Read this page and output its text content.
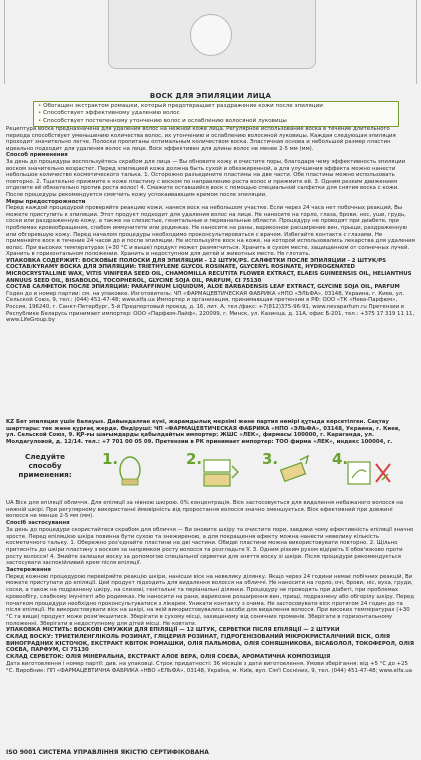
ВОСК ДЛЯ ЭПИЛЯЦИИ ЛИЦА
• Обогащен экстрактом ромашки, который предотвращает раздражение кожи после эпиляции
• Способствует эффективному удалению волос
• Способствует постепенному утончению волос и ослаблению волосяной луковицы

Рецептура воска предназначена для удаления волос на нежной коже лица. Регулярное использование воска в течение длительного периода способствует уменьшению количества волос, их утончению и ослаблению волосяной луковицы. Каждая следующая эпиляция проходит значительно легче. Полоски пропитаны оптимальным количеством воска. Эластичная основа и небольшой размер пластин идеально подходит для удаления волос на лице. Воск эффективен для длины волос не менее 2-5 мм (мм).

Способ применения

За день до процедуры воспользуйтесь скрабом для лица — Вы обновите кожу и очистите поры, благодаря чему эффективность эпиляции воском значительно возрастет. Перед эпиляцией кожа должна быть сухой и обезжиренной, а для улучшения эффекта можно нанести небольшое количество косметического талька. 1. Осторожно разъедините пластины на две части. Обе пластины можно использовать повторно. 2. Тщательно прижмите к коже пластину с воском по направлению роста волос и прижмите её. 3. Одним резким движением отделите её обязательно против роста волос! 4. Смажите оставшийся воск с помощью специальной салфетки для снятия воска с кожи. После процедуры рекомендуется смягчить кожу успокаивающим кремом после эпиляции.

Меры предосторожности

Перед каждой процедурой проверяйте реакцию кожи, нанеся воск на небольшом участке. Если через 24 часа нет побочных реакций, Вы можете приступить к эпиляции. Этот продукт подходит для удаления волос на лице. Не наносите на горло, глаза, брови, нос, уши, грудь, соски или раздраженную кожу, а также на слизистые, генитальные и перианальные области. Процедуру не проводят при диабете, при проблемах кровообращения, слабом иммунитете или родинках. Не наносите на раны, варикозное расширение вен, прыщи, раздраженную или обгоревшую кожу. Перед началом процедуры необходимо проконсультироваться с врачом. Избегайте контакта с глазами. Не применяйте воск в течение 24 часов до и после эпиляции. Не используйте воск на коже, на которой использовались лекарства для удаления волос. При высоких температурах (+30 °C и выше) продукт может размягчиться. Хранить в сухом месте, защищенном от солнечных лучей. Хранить в горизонтальном положении. Хранить в недоступном для детей и животных месте. Не глотать.

УПАКОВКА СОДЕРЖИТ: ВОСКОВЫЕ ПОЛОСКИ ДЛЯ ЭПИЛЯЦИИ - 12 ШТУК/PS. САЛФЕТКИ ПОСЛЕ ЭПИЛЯЦИИ - 2 ШТУК/PS

СОСТАВ/KYRAMY ВОСКА ДЛЯ ЭПИЛЯЦИИ: TRIETHYLENE GLYCOL ROSINATE, GLYCERYL ROSINATE, HYDROGENATED MICROCRYSTALLINE WAX, VITIS VINIFERA SEED OIL, CHAMOMILLA RECUTITA FLOWER EXTRACT, ELAEIS GUINEENSIS OIL, HELIANTHUS ANNUUS SEED OIL, BISABOLOL, TOCOPHEROL, GLYCINE SOJA OIL, PARFUM, CI 75130

СОСТАВ САЛФЕТОК ПОСЛЕ ЭПИЛЯЦИИ: PARAFFINUM LIQUIDUM, ALOE BARBADENSIS LEAF EXTRACT, GLYCINE SOJA OIL, PARFUM

Годен до и номер партии: см. на упаковке. Изготовитель: ЧП «ФАРМАЦЕВТИЧЕСКАЯ ФАБРИКА «НПО «ЭЛЬФА», 03148, Украина, г. Киев, ул. Сельской Союз, 9, тел.: (044) 451-47-48; www.elfa.ua Импортер и организация, принимающая претензии в РФ: ООО «ТК «Нева-Парфюм», Россия, 196240, г. Санкт-Петербург, 5-й Предпортовый проезд, д. 16, лит. А, тел./факс: +7(812)375-96-91, www.nevaparfum.ru Претензии в Республике Беларусь принимает импортер: ООО «Парфюм-Лайф», 220099, г. Минск, ул. Казинца, д. 11А, офис Б-201, тел.: +375 17 319 11 11, www.LifeGroup.by

KZ Бет эпиляция үшін балауыз. Дайындалған күні, жарамдылық мерзімі және партия нөмірі құтыда көрсетілген. Сақтау шарттары: төк және құрғақ жерде. Өндіруші: ЧП «ФАРМАЦЕВТИЧЕСКАЯ ФАБРИКА «НПО «ЭЛЬФА», 03148, Украина, г. Киев, ул. Сельской Союз, 9. ҚР-ғы шағымдарды қабылдайтын импортер: ЖШС «ЛЕК», фирмасы 100000, г. Караганда, ул. Молдагуловой, д. 12/14. тел.: +7 701 00 05 09. Претензии в РК принимает импортер: ТОО фирма «ЛЕК», индекс 100004, г.

Следуйте способу применения:
1.	2.	3.	4.

UA Віск для епіляції обличчя. Для епіляції за нівною шкірою. 0% концентрація. Віск застосовується для видалення небажаного волосся на нижній шкірі. При регулярному використанні ймовірність від проростання волосся значно зменшується. Віск ефективний при довжині волосся не менше 2-5 мм (мм).

Спосіб застосування

За день до процедури скористайтеся скрабом для обличчя — Ви оновите шкіру та очистите пори, завдяки чому ефективність епіляції значно зросте. Перед епіляцією шкіра повинна бути сухою та знежиреною, а для покращення ефекту можна нанести невелику кількість косметичного тальку. 1. Обережно роз'єднайте пластини на дві частини. Обидві пластини можна використовувати повторно. 2. Щільно притисніть до шкіри пластину з воском за напрямком росту волосся та розгладьте її. 3. Одним різким рухом відірвіть її обов'язково проти росту волосся! 4. Змийте залишки воску за допомогою спеціальної серветки для зняття воску зі шкіри. Після процедури рекомендується застосувати заспокійливий крем після епіляції.

Застереження

Перед кожною процедурою перевіряйте реакцію шкіри, нанісши віск на невелику ділянку. Якщо через 24 години немає побічних реакцій, Ви можете приступати до епіляції. Цей продукт підходить для видалення волосся на обличчі. Не наносити на горло, очі, брови, ніс, вуха, груди, соски, а також на подразнену шкіру, на слизові, генітальні та періанальні ділянки. Процедуру не проводять при діабеті, при проблемах кровообігу, слабкому імунітеті або родимках. Не наносити на рани, варикозне розширення вен, прищі, подразнену або обгорілу шкіру. Перед початком процедури необхідно проконсультуватися з лікарем. Уникати контакту з очима. Не застосовувати віск протягом 24 годин до та після епіляції. Не використовувати віск на шкірі, на якій використовувались засоби для видалення волосся. При високих температурах (+30 °C та вище) продукт може розм'якшитися. Зберігати в сухому місці, захищеному від сонячних променів. Зберігати в горизонтальному положенні. Зберігати в недоступному для дітей місці. Не ковтати.

УПАКОВКА МІСТИТЬ: ВОСКОВІ СМУЖКИ ДЛЯ ЕПІЛЯЦІЇ — 12 ШТУК, СЕРВЕТКИ ПІСЛЯ ЕПІЛЯЦІЇ — 2 ШТУКИ

СКЛАД ВОСКУ: ТРИЕТИЛЕНГЛІКОЛЬ РОЗИНАТ, ГЛІЦЕРИЛ РОЗИНАТ, ГІДРОГЕНІЗОВАНИЙ МІКРОКРИСТАЛІЧНИЙ ВІСК, ОЛІЯ ВИНОГРАДНИХ КІСТОЧОК, ЕКСТРАКТ КВІТОК РОМАШКИ, ОЛІЯ ПАЛЬМОВА, ОЛІЯ СОНЯШНИКОВА, БІСАБОЛОЛ, ТОКОФЕРОЛ, ОЛІЯ СОЄВА, ПАРФУМ, CI 75130

СКЛАД СЕРВЕТОК: ОЛІЯ МІНЕРАЛЬНА, ЕКСТРАКТ АЛОЕ ВЕРА, ОЛІЯ СОЄВА, АРОМАТИЧНА КОМПОЗИЦІЯ

Дата виготовлення і номер партії: див. на упаковці. Строк придатності: 36 місяців з дати виготовлення. Умови зберігання: від +5 °С до +25 °С. Виробник: ПП «ФАРМАЦЕВТИЧНА ФАБРИКА «НВО «ЕЛЬФА», 03148, Україна, м. Київ, вул. Сім'ї Сосніних, 9, тел. (044) 451-47-48; www.elfa.ua

ISO 9001 СИСТЕМА УПРАВЛІННЯ ЯКІСТЮ СЕРТИФІКОВАНА
